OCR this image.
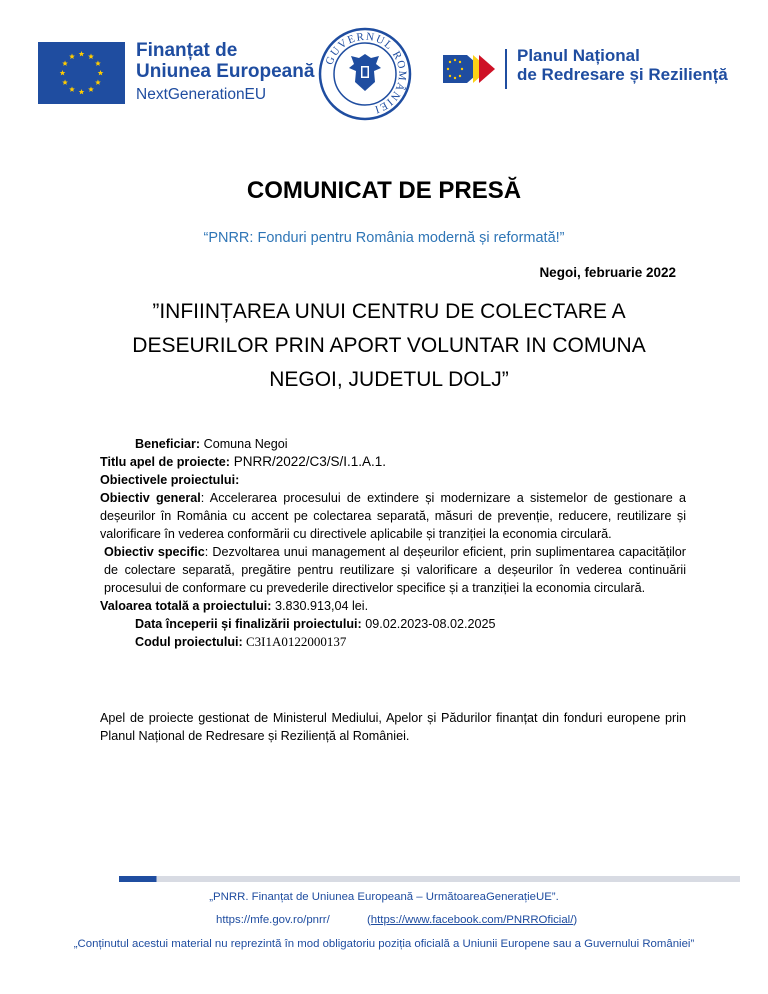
Finanțat de
Uniunea Europeană
NextGenerationEU
GUVERNUL ROMÂNIEI
Planul Național
de Redresare și Reziliență
COMUNICAT DE PRESĂ
“PNRR: Fonduri pentru România modernă și reformată!”
Negoi, februarie 2022
”INFIINȚAREA UNUI CENTRU DE COLECTARE A
DESEURILOR PRIN APORT VOLUNTAR IN COMUNA
NEGOI, JUDETUL DOLJ”
Beneficiar: Comuna Negoi
Titlu apel de proiecte: PNRR/2022/C3/S/I.1.A.1.
Obiectivele proiectului:
Obiectiv general: Accelerarea procesului de extindere și modernizare a sistemelor de gestionare a deșeurilor în România cu accent pe colectarea separată, măsuri de prevenție, reducere, reutilizare și valorificare în vederea conformării cu directivele aplicabile și tranziției la economia circulară.
Obiectiv specific: Dezvoltarea unui management al deșeurilor eficient, prin suplimentarea capacităților de colectare separată, pregătire pentru reutilizare și valorificare a deșeurilor în vederea continuării procesului de conformare cu prevederile directivelor specifice și a tranziției la economia circulară.
Valoarea totală a proiectului: 3.830.913,04 lei.
Data începerii și finalizării proiectului: 09.02.2023-08.02.2025
Codul proiectului: C3I1A0122000137
Apel de proiecte gestionat de Ministerul Mediului, Apelor și Pădurilor finanțat din fonduri europene prin Planul Național de Redresare și Reziliență al României.
„PNRR. Finanțat de Uniunea Europeană – UrmătoareaGenerațieUE”.
https://mfe.gov.ro/pnrr/	(https://www.facebook.com/PNRROficial/)
„Conținutul acestui material nu reprezintă în mod obligatoriu poziția oficială a Uniunii Europene sau a Guvernului României”
